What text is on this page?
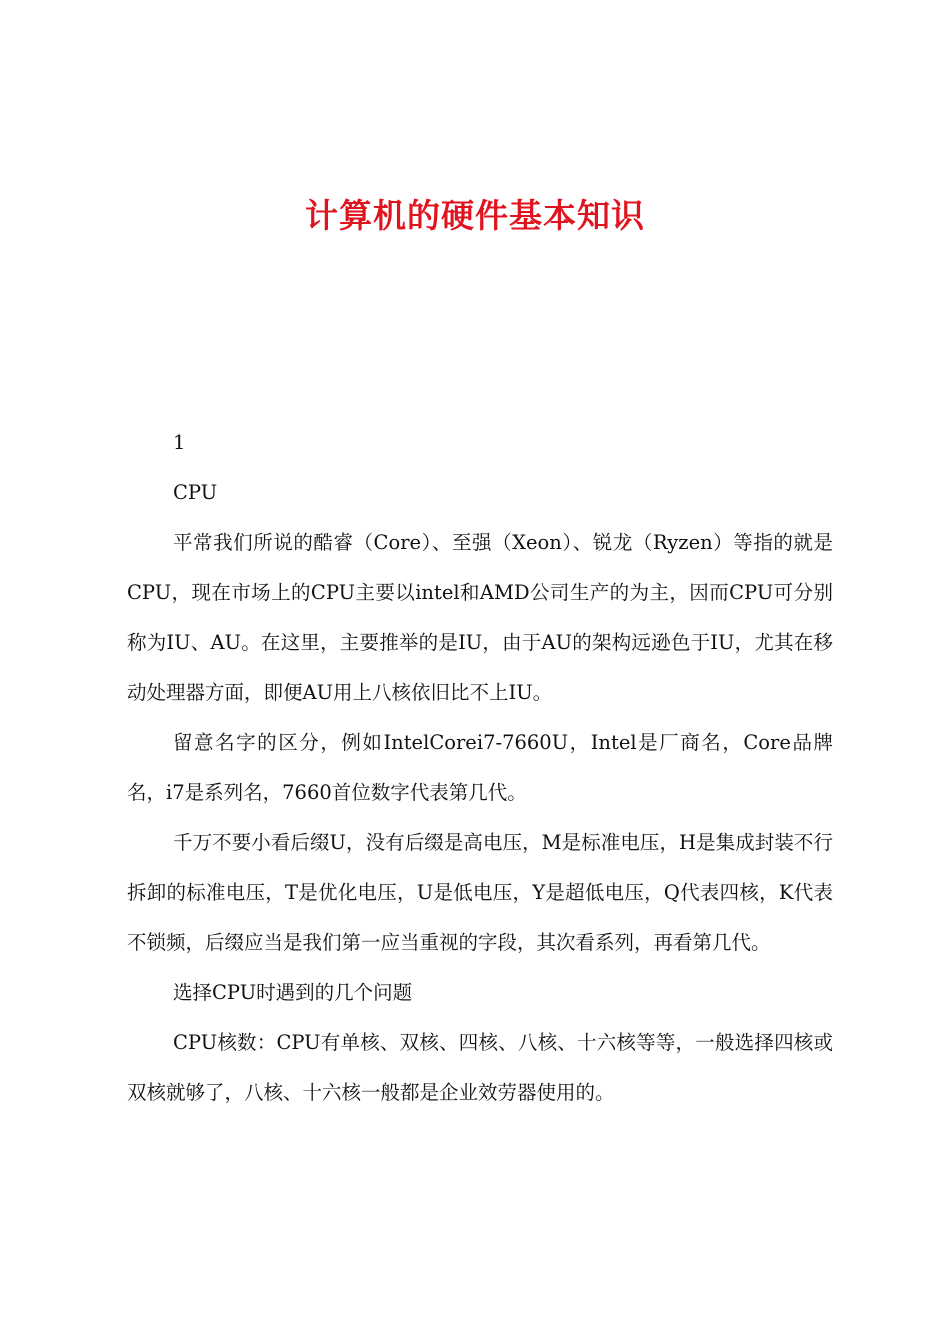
计算机的硬件基本知识

1

CPU

平常我们所说的酷睿（Core）、至强（Xeon）、锐龙（Ryzen）等指的就是CPU，现在市场上的CPU主要以intel和AMD公司生产的为主，因而CPU可分别称为IU、AU。在这里，主要推举的是IU，由于AU的架构远逊色于IU，尤其在移动处理器方面，即便AU用上八核依旧比不上IU。

留意名字的区分，例如IntelCorei7-7660U，Intel是厂商名，Core品牌名，i7是系列名，7660首位数字代表第几代。

千万不要小看后缀U，没有后缀是高电压，M是标准电压，H是集成封装不行拆卸的标准电压，T是优化电压，U是低电压，Y是超低电压，Q代表四核，K代表不锁频，后缀应当是我们第一应当重视的字段，其次看系列，再看第几代。

选择CPU时遇到的几个问题

CPU核数：CPU有单核、双核、四核、八核、十六核等等，一般选择四核或双核就够了，八核、十六核一般都是企业效劳器使用的。
